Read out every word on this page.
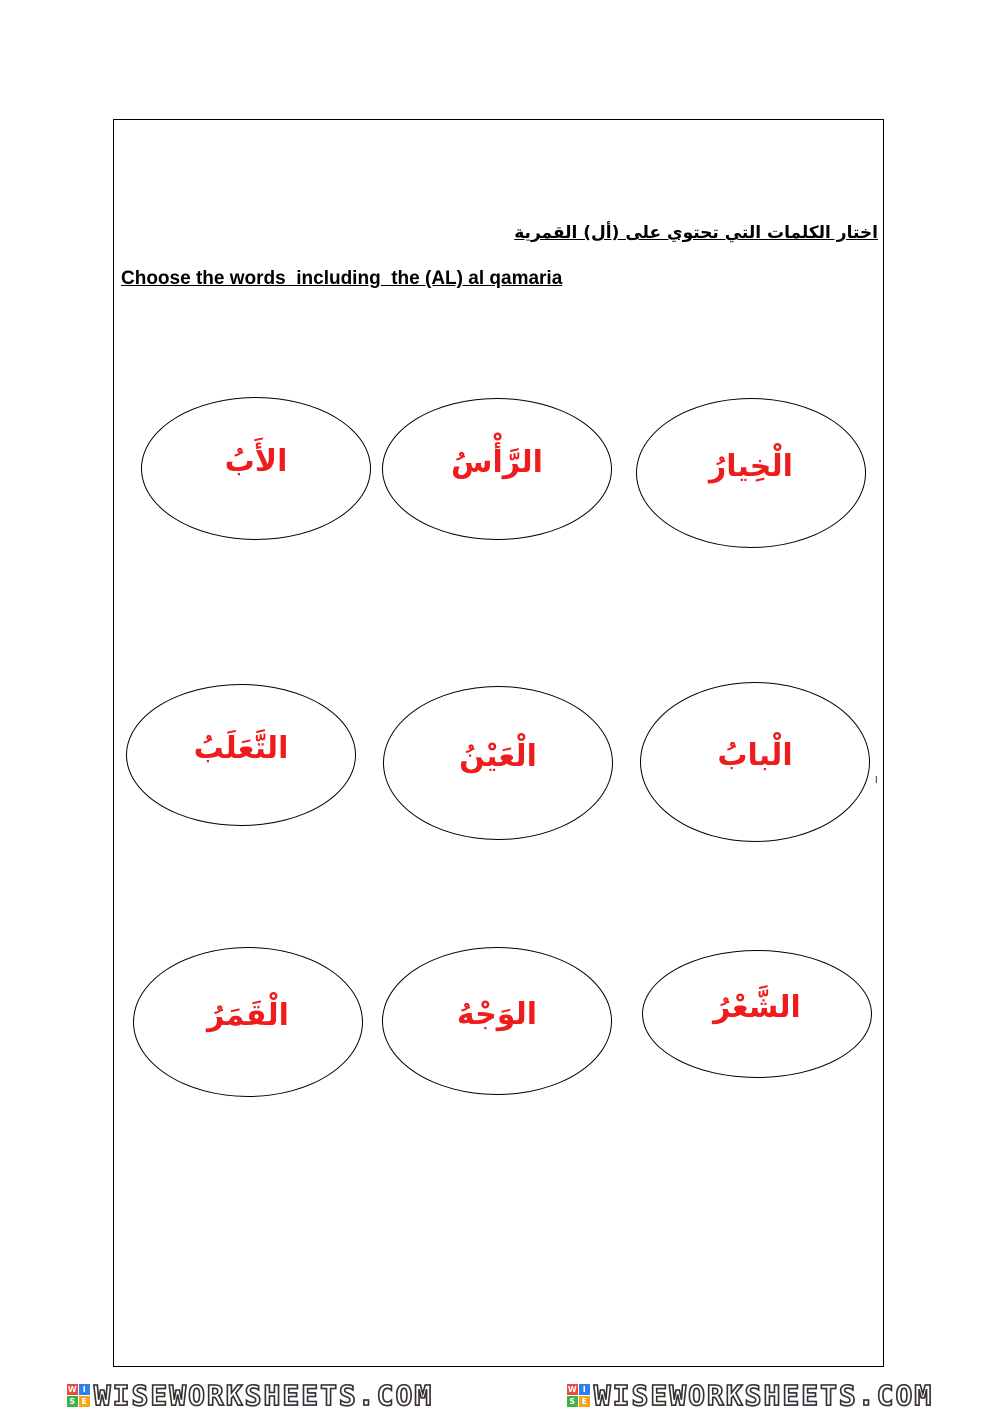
اختار الكلمات التي تحتوي على (أل) القمرية
Choose the words  including  the (AL) al qamaria
الْخِيارُ
الرَّأْسُ
الأَبُ
الْبابُ
الْعَيْنُ
التَّعَلَبُ
الشَّعْرُ
الوَجْهُ
الْقَمَرُ
ا
W I
S E WISEWORKSHEETS.COM	W I
S E WISEWORKSHEETS.COM
